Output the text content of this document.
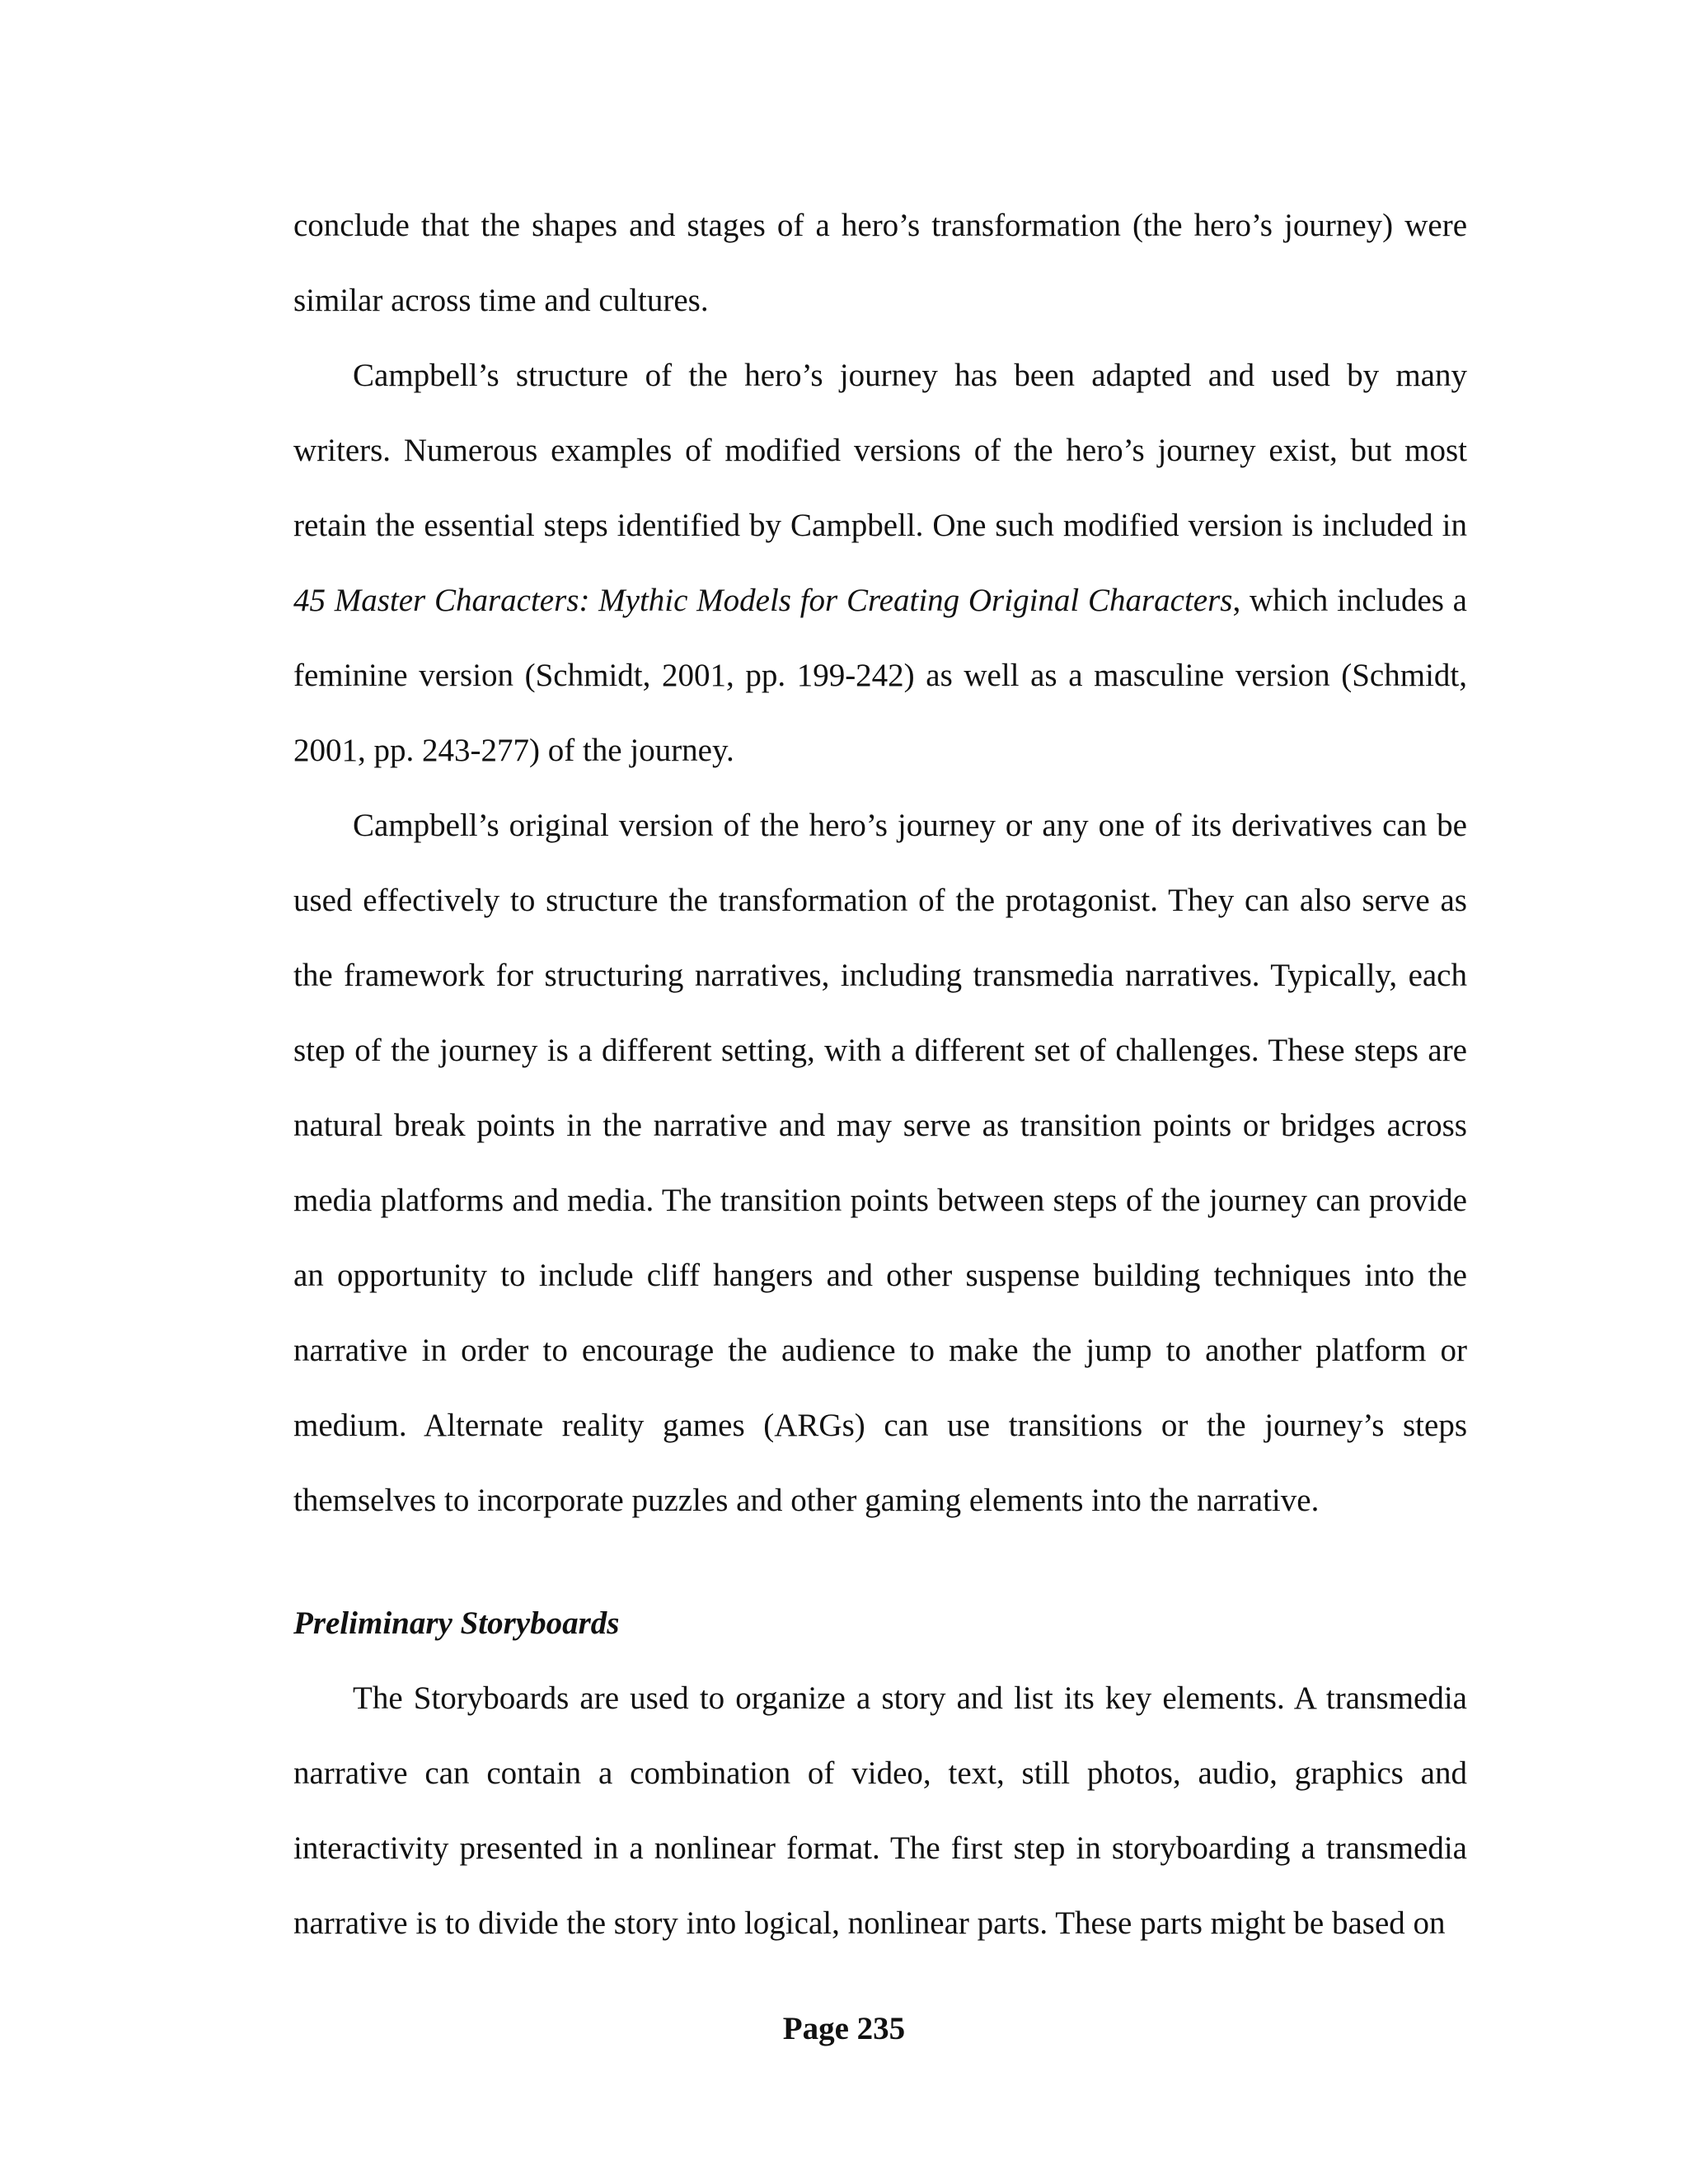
conclude that the shapes and stages of a hero’s transformation (the hero’s journey) were similar across time and cultures.

Campbell’s structure of the hero’s journey has been adapted and used by many writers. Numerous examples of modified versions of the hero’s journey exist, but most retain the essential steps identified by Campbell. One such modified version is included in 45 Master Characters: Mythic Models for Creating Original Characters, which includes a feminine version (Schmidt, 2001, pp. 199-242) as well as a masculine version (Schmidt, 2001, pp. 243-277) of the journey.

Campbell’s original version of the hero’s journey or any one of its derivatives can be used effectively to structure the transformation of the protagonist. They can also serve as the framework for structuring narratives, including transmedia narratives. Typically, each step of the journey is a different setting, with a different set of challenges. These steps are natural break points in the narrative and may serve as transition points or bridges across media platforms and media. The transition points between steps of the journey can provide an opportunity to include cliff hangers and other suspense building techniques into the narrative in order to encourage the audience to make the jump to another platform or medium. Alternate reality games (ARGs) can use transitions or the journey’s steps themselves to incorporate puzzles and other gaming elements into the narrative.

Preliminary Storyboards

The Storyboards are used to organize a story and list its key elements. A transmedia narrative can contain a combination of video, text, still photos, audio, graphics and interactivity presented in a nonlinear format. The first step in storyboarding a transmedia narrative is to divide the story into logical, nonlinear parts. These parts might be based on

Page 235
